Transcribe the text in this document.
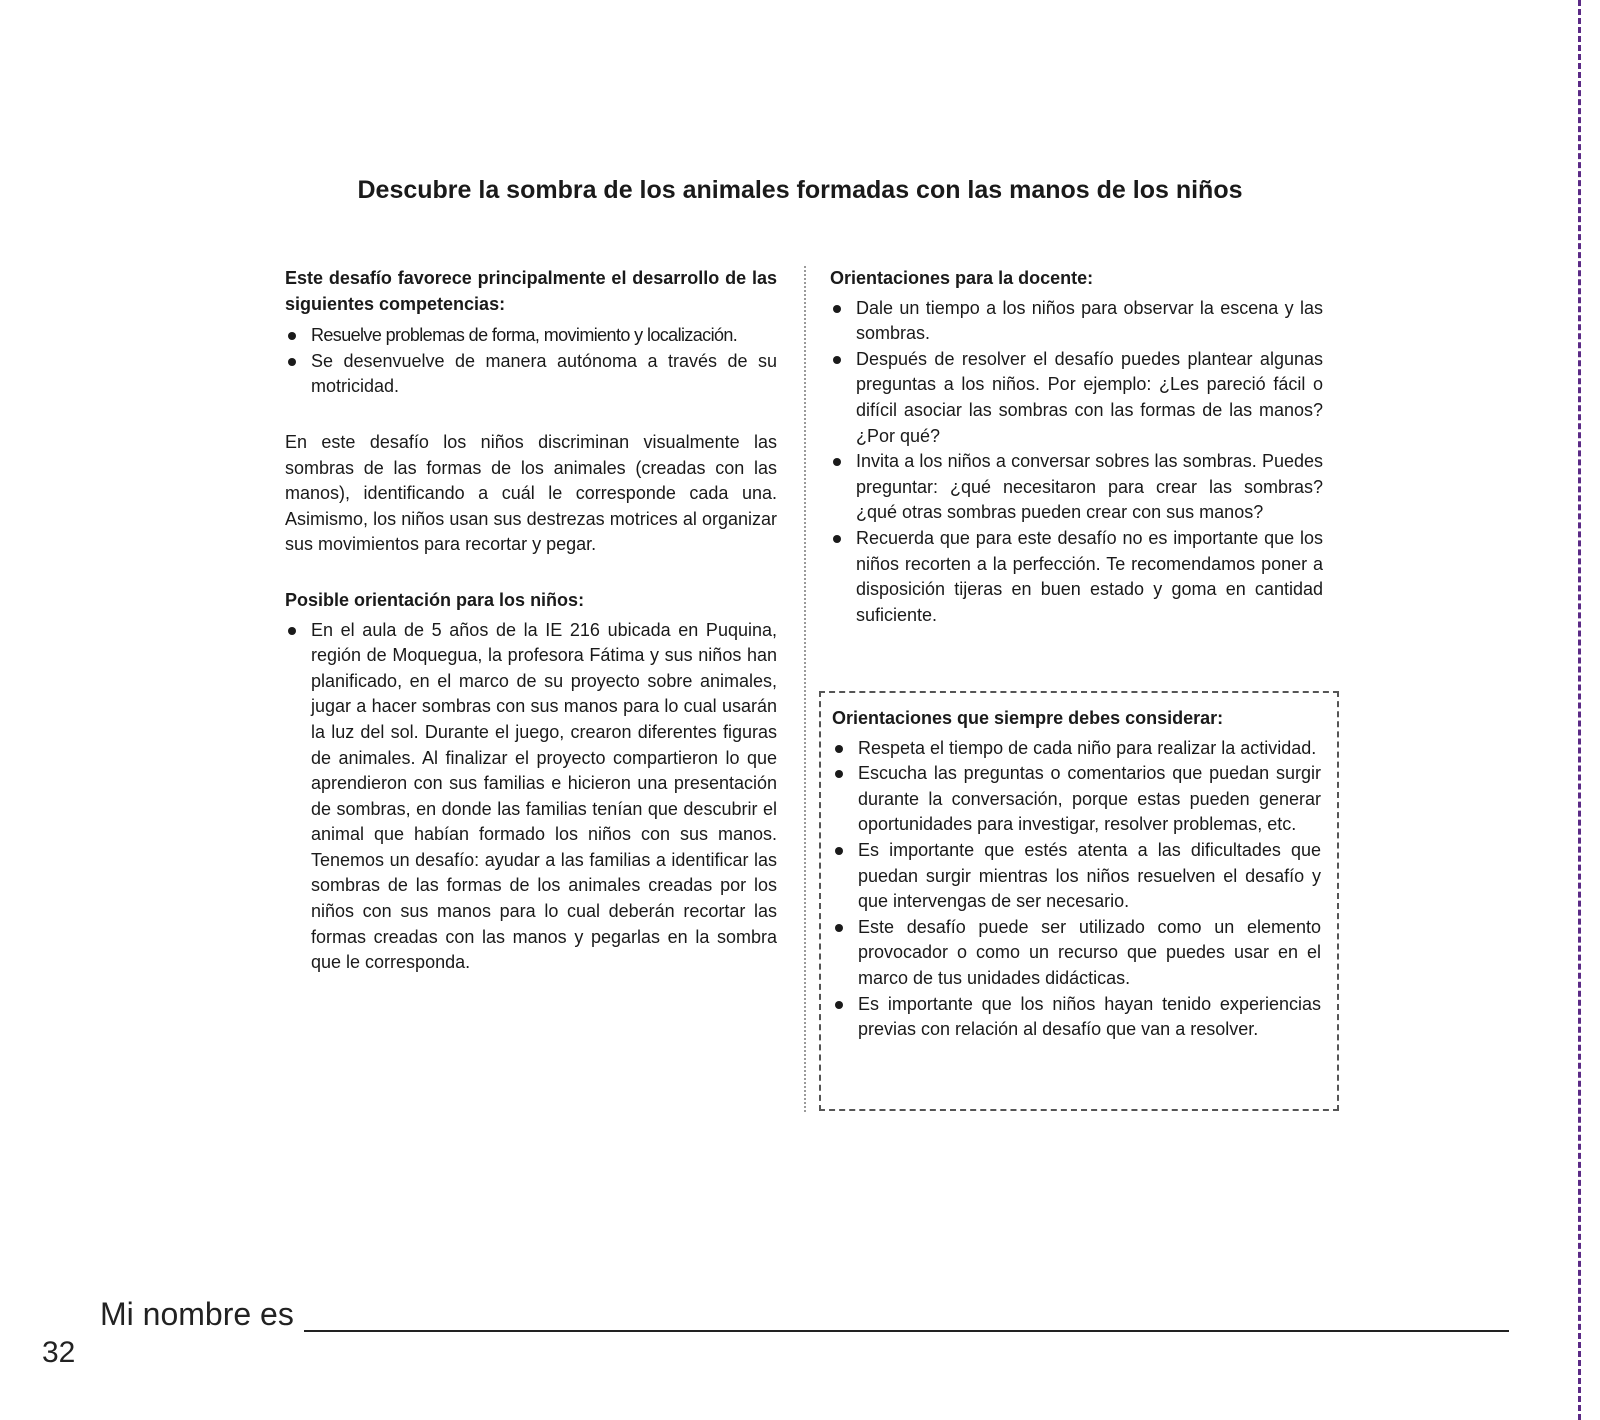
Descubre la sombra de los animales formadas con las manos de los niños

Este desafío favorece principalmente el desarrollo de las siguientes competencias:

Resuelve problemas de forma, movimiento y localización.
Se desenvuelve de manera autónoma a través de su motricidad.

En este desafío los niños discriminan visualmente las sombras de las formas de los animales (creadas con las manos), identificando a cuál le corresponde cada una. Asimismo, los niños usan sus destrezas motrices al organizar sus movimientos para recortar y pegar.

Posible orientación para los niños:

En el aula de 5 años de la IE 216 ubicada en Puquina, región de Moquegua, la profesora Fátima y sus niños han planificado, en el marco de su proyecto sobre animales, jugar a hacer sombras con sus manos para lo cual usarán la luz del sol. Durante el juego, crearon diferentes figuras de animales. Al finalizar el proyecto compartieron lo que aprendieron con sus familias e hicieron una presentación de sombras, en donde las familias tenían que descubrir el animal que habían formado los niños con sus manos. Tenemos un desafío: ayudar a las familias a identificar las sombras de las formas de los animales creadas por los niños con sus manos para lo cual deberán recortar las formas creadas con las manos y pegarlas en la sombra que le corresponda.

Orientaciones para la docente:

Dale un tiempo a los niños para observar la escena y las sombras.
Después de resolver el desafío puedes plantear algunas preguntas a los niños. Por ejemplo: ¿Les pareció fácil o difícil asociar las sombras con las formas de las manos? ¿Por qué?
Invita a los niños a conversar sobres las sombras. Puedes preguntar: ¿qué necesitaron para crear las sombras? ¿qué otras sombras pueden crear con sus manos?
Recuerda que para este desafío no es importante que los niños recorten a la perfección. Te recomendamos poner a disposición tijeras en buen estado y goma en cantidad suficiente.

Orientaciones que siempre debes considerar:

Respeta el tiempo de cada niño para realizar la actividad.
Escucha las preguntas o comentarios que puedan surgir durante la conversación, porque estas pueden generar oportunidades para investigar, resolver problemas, etc.
Es importante que estés atenta a las dificultades que puedan surgir mientras los niños resuelven el desafío y que intervengas de ser necesario.
Este desafío puede ser utilizado como un elemento provocador o como un recurso que puedes usar en el marco de tus unidades didácticas.
Es importante que los niños hayan tenido experiencias previas con relación al desafío que van a resolver.

Mi nombre es

32
